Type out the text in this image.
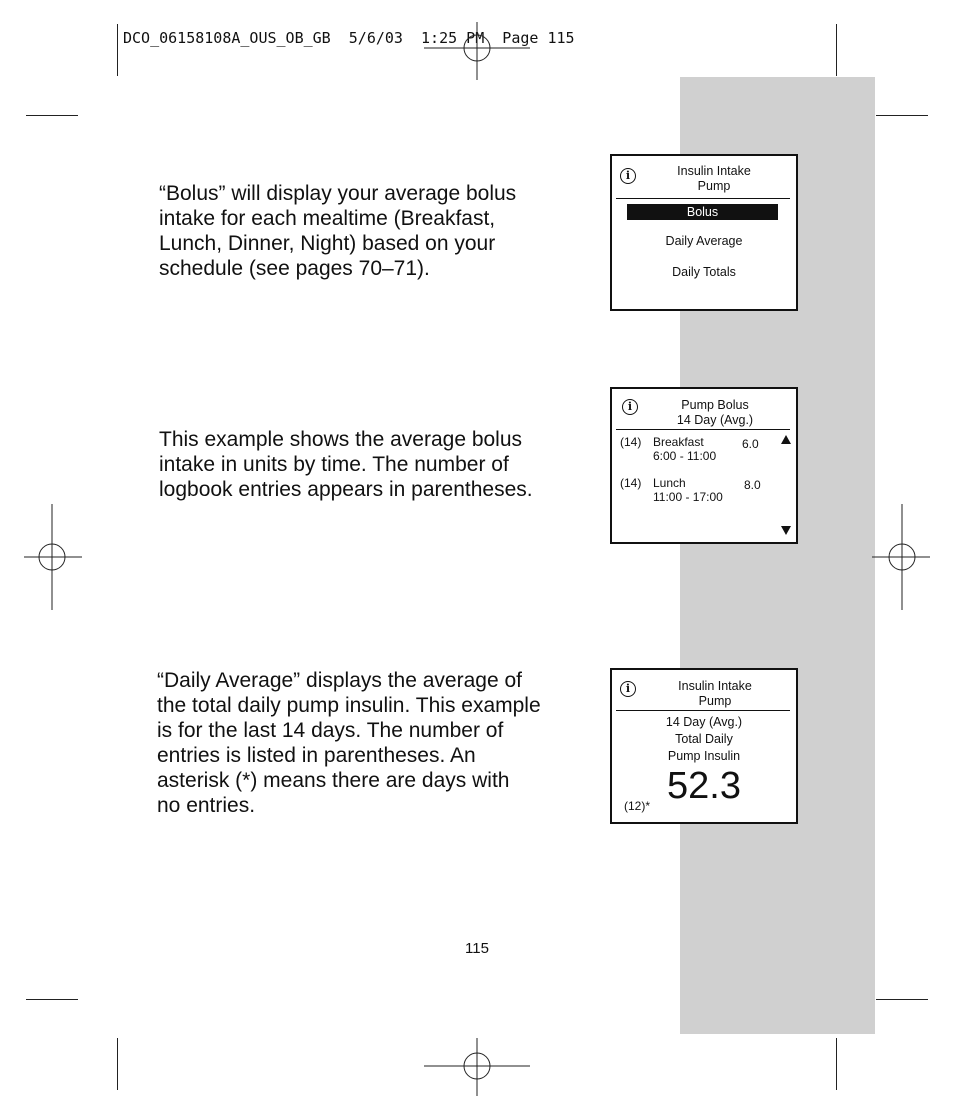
DCO_06158108A_OUS_OB_GB  5/6/03  1:25 PM  Page 115
“Bolus” will display your average bolus
intake for each mealtime (Breakfast,
Lunch, Dinner, Night) based on your
schedule (see pages 70–71).
This example shows the average bolus
intake in units by time. The number of
logbook entries appears in parentheses.
“Daily Average” displays the average of
the total daily pump insulin. This example
is for the last 14 days. The number of
entries is listed in parentheses. An
asterisk (*) means there are days with
no entries.
i	Insulin Intake
Pump
Bolus
Daily Average
Daily Totals
i	Pump Bolus
14 Day (Avg.)
(14) Breakfast
6:00 - 11:00
6.0
(14) Lunch
11:00 - 17:00
8.0
i	Insulin Intake
Pump
14 Day (Avg.)
Total Daily
Pump Insulin
52.3
(12)*
115
